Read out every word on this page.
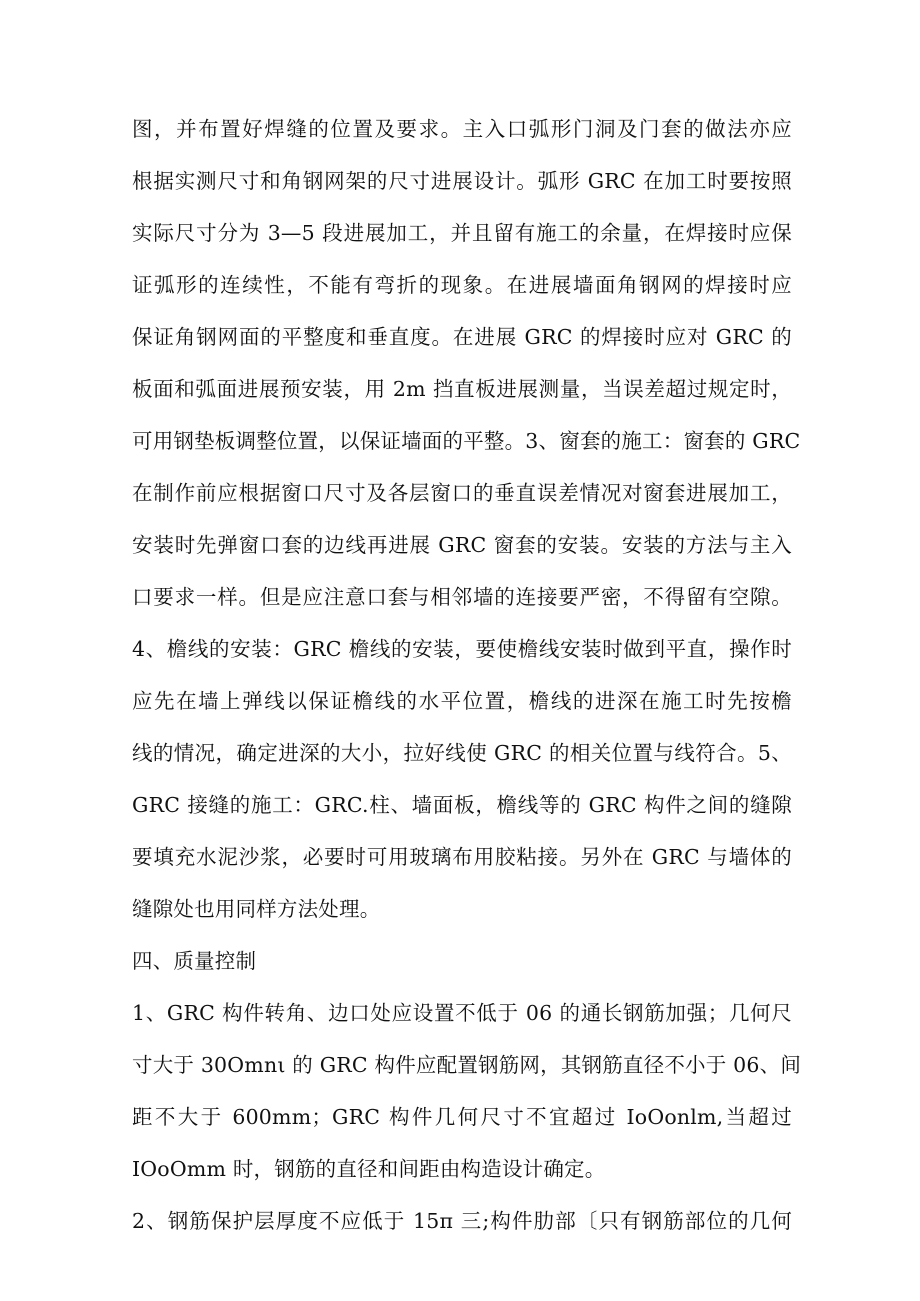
图，并布置好焊缝的位置及要求。主入口弧形门洞及门套的做法亦应
根据实测尺寸和角钢网架的尺寸进展设计。弧形 GRC 在加工时要按照
实际尺寸分为 3—5 段进展加工，并且留有施工的余量，在焊接时应保
证弧形的连续性，不能有弯折的现象。在进展墙面角钢网的焊接时应
保证角钢网面的平整度和垂直度。在进展 GRC 的焊接时应对 GRC 的
板面和弧面进展预安装，用 2m 挡直板进展测量，当误差超过规定时，
可用钢垫板调整位置，以保证墙面的平整。3、窗套的施工：窗套的 GRC
在制作前应根据窗口尺寸及各层窗口的垂直误差情况对窗套进展加工，
安装时先弹窗口套的边线再进展 GRC 窗套的安装。安装的方法与主入
口要求一样。但是应注意口套与相邻墙的连接要严密，不得留有空隙。
4、檐线的安装：GRC 檐线的安装，要使檐线安装时做到平直，操作时
应先在墙上弹线以保证檐线的水平位置，檐线的进深在施工时先按檐
线的情况，确定进深的大小，拉好线使 GRC 的相关位置与线符合。5、
GRC 接缝的施工：GRC.柱、墙面板，檐线等的 GRC 构件之间的缝隙
要填充水泥沙浆，必要时可用玻璃布用胶粘接。另外在 GRC 与墙体的
缝隙处也用同样方法处理。
四、质量控制
1、GRC 构件转角、边口处应设置不低于 06 的通长钢筋加强；几何尺
寸大于 30Omnι 的 GRC 构件应配置钢筋网，其钢筋直径不小于 06、间
距不大于 600mm；GRC 构件几何尺寸不宜超过 IoOonlm,当超过
IOoOmm 时，钢筋的直径和间距由构造设计确定。
2、钢筋保护层厚度不应低于 15π 三;构件肋部〔只有钢筋部位的几何
